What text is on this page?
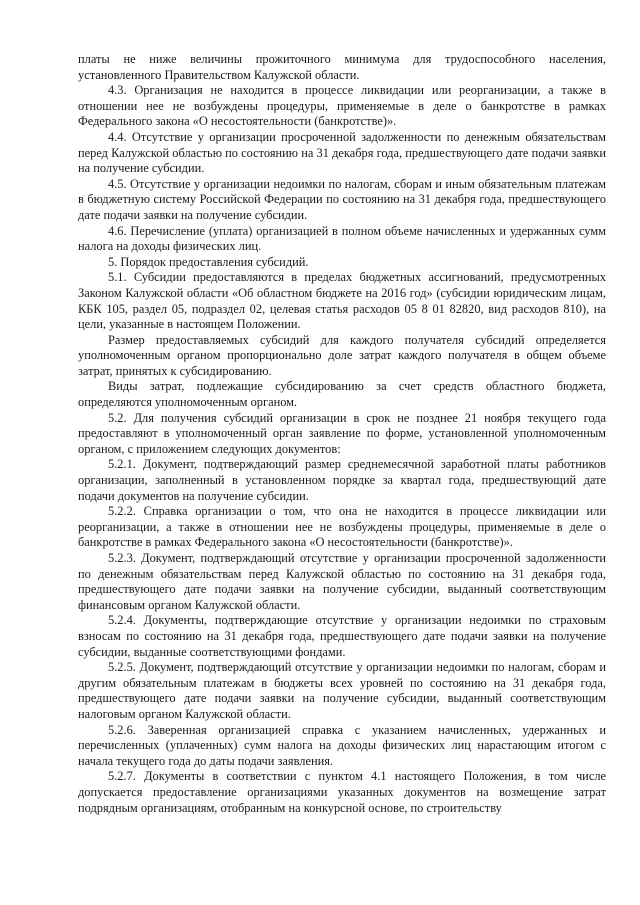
платы не ниже величины прожиточного минимума для трудоспособного населения, установленного Правительством Калужской области.

4.3. Организация не находится в процессе ликвидации или реорганизации, а также в отношении нее не возбуждены процедуры, применяемые в деле о банкротстве в рамках Федерального закона «О несостоятельности (банкротстве)».

4.4. Отсутствие у организации просроченной задолженности по денежным обязательствам перед Калужской областью по состоянию на 31 декабря года, предшествующего дате подачи заявки на получение субсидии.

4.5. Отсутствие у организации недоимки по налогам, сборам и иным обязательным платежам в бюджетную систему Российской Федерации по состоянию на 31 декабря года, предшествующего дате подачи заявки на получение субсидии.

4.6. Перечисление (уплата) организацией в полном объеме начисленных и удержанных сумм налога на доходы физических лиц.

5. Порядок предоставления субсидий.

5.1. Субсидии предоставляются в пределах бюджетных ассигнований, предусмотренных Законом Калужской области «Об областном бюджете на 2016 год» (субсидии юридическим лицам, КБК 105, раздел 05, подраздел 02, целевая статья расходов 05 8 01 82820, вид расходов 810), на цели, указанные в настоящем Положении.

Размер предоставляемых субсидий для каждого получателя субсидий определяется уполномоченным органом пропорционально доле затрат каждого получателя в общем объеме затрат, принятых к субсидированию.

Виды затрат, подлежащие субсидированию за счет средств областного бюджета, определяются уполномоченным органом.

5.2. Для получения субсидий организации в срок не позднее 21 ноября текущего года предоставляют в уполномоченный орган заявление по форме, установленной уполномоченным органом, с приложением следующих документов:

5.2.1. Документ, подтверждающий размер среднемесячной заработной платы работников организации, заполненный в установленном порядке за квартал года, предшествующий дате подачи документов на получение субсидии.

5.2.2. Справка организации о том, что она не находится в процессе ликвидации или реорганизации, а также в отношении нее не возбуждены процедуры, применяемые в деле о банкротстве в рамках Федерального закона «О несостоятельности (банкротстве)».

5.2.3. Документ, подтверждающий отсутствие у организации просроченной задолженности по денежным обязательствам перед Калужской областью по состоянию на 31 декабря года, предшествующего дате подачи заявки на получение субсидии, выданный соответствующим финансовым органом Калужской области.

5.2.4. Документы, подтверждающие отсутствие у организации недоимки по страховым взносам по состоянию на 31 декабря года, предшествующего дате подачи заявки на получение субсидии, выданные соответствующими фондами.

5.2.5. Документ, подтверждающий отсутствие у организации недоимки по налогам, сборам и другим обязательным платежам в бюджеты всех уровней по состоянию на 31 декабря года, предшествующего дате подачи заявки на получение субсидии, выданный соответствующим налоговым органом Калужской области.

5.2.6. Заверенная организацией справка с указанием начисленных, удержанных и перечисленных (уплаченных) сумм налога на доходы физических лиц нарастающим итогом с начала текущего года до даты подачи заявления.

5.2.7. Документы в соответствии с пунктом 4.1 настоящего Положения, в том числе допускается предоставление организациями указанных документов на возмещение затрат подрядным организациям, отобранным на конкурсной основе, по строительству
